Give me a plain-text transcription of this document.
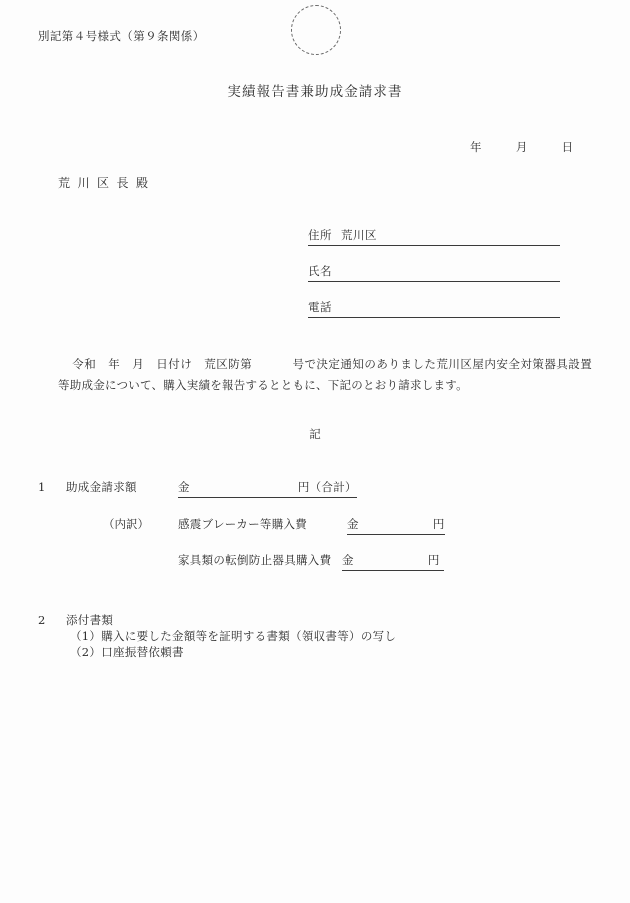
別記第４号様式（第９条関係）
実績報告書兼助成金請求書
年	月	日
荒川区長殿
住所 荒川区
氏名
電話
令和　 年　 月　 日付け　 荒区防第	号で決定通知のありました荒川区屋内安全対策器具設置等助成金について、購入実績を報告するとともに、下記のとおり請求します。
記
1 助成金請求額	金	円（合計）
（内訳）	感震ブレーカー等購入費	金	円
家具類の転倒防止器具購入費 金	円
2 添付書類
（1）購入に要した金額等を証明する書類（領収書等）の写し
（2）口座振替依頼書
